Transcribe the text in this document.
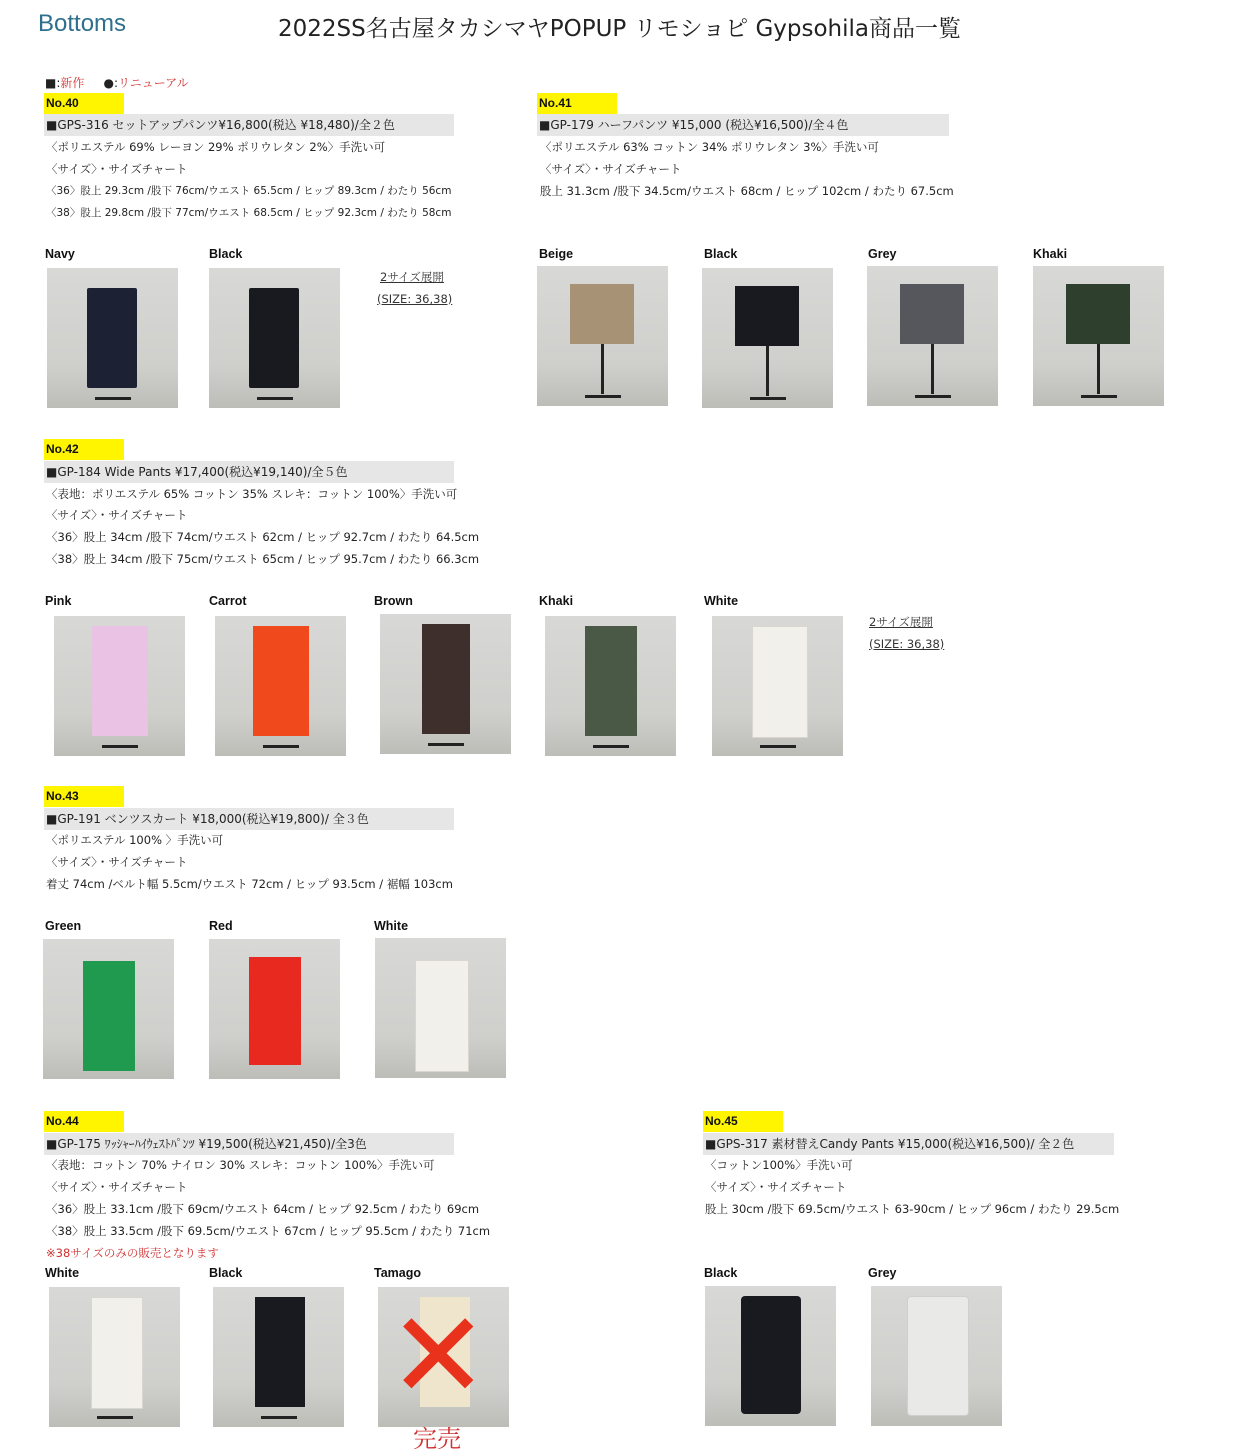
Bottoms	2022SS名古屋タカシマヤPOPUP リモショピ Gypsohila商品一覧
■:新作 ●:リニューアル
No.40
■GPS-316 セットアップパンツ¥16,800(税込 ¥18,480)/全２色
〈ポリエステル 69% レーヨン 29% ポリウレタン 2%〉手洗い可
〈サイズ〉・サイズチャート
〈36〉股上 29.3cm /股下 76cm/ウエスト 65.5cm / ヒップ 89.3cm / わたり 56cm
〈38〉股上 29.8cm /股下 77cm/ウエスト 68.5cm / ヒップ 92.3cm / わたり 58cm
Navy	Black
2サイズ展開
(SIZE: 36,38)
No.41
■GP-179 ハーフパンツ ¥15,000 (税込¥16,500)/全４色
〈ポリエステル 63% コットン 34% ポリウレタン 3%〉手洗い可
〈サイズ〉・サイズチャート
股上 31.3cm /股下 34.5cm/ウエスト 68cm / ヒップ 102cm / わたり 67.5cm
Beige	Black	Grey	Khaki
No.42
■GP-184 Wide Pants ¥17,400(税込¥19,140)/全５色
〈表地：ポリエステル 65% コットン 35% スレキ：コットン 100%〉手洗い可
〈サイズ〉・サイズチャート
〈36〉股上 34cm /股下 74cm/ウエスト 62cm / ヒップ 92.7cm / わたり 64.5cm
〈38〉股上 34cm /股下 75cm/ウエスト 65cm / ヒップ 95.7cm / わたり 66.3cm
Pink	Carrot	Brown	Khaki	White
2サイズ展開
(SIZE: 36,38)
No.43
■GP-191 ベンツスカート ¥18,000(税込¥19,800)/ 全３色
〈ポリエステル 100% 〉手洗い可
〈サイズ〉・サイズチャート
着丈 74cm /ベルト幅 5.5cm/ウエスト 72cm / ヒップ 93.5cm / 裾幅 103cm
Green	Red	White
No.44
■GP-175 ﾜｯｼｬｰﾊｲｳｪｽﾄﾊﾟﾝﾂ ¥19,500(税込¥21,450)/全3色
〈表地：コットン 70% ナイロン 30% スレキ：コットン 100%〉手洗い可
〈サイズ〉・サイズチャート
〈36〉股上 33.1cm /股下 69cm/ウエスト 64cm / ヒップ 92.5cm / わたり 69cm
〈38〉股上 33.5cm /股下 69.5cm/ウエスト 67cm / ヒップ 95.5cm / わたり 71cm
※38サイズのみの販売となります
White	Black	Tamago
✕
完売
No.45
■GPS-317 素材替えCandy Pants ¥15,000(税込¥16,500)/ 全２色
〈コットン100%〉手洗い可
〈サイズ〉・サイズチャート
股上 30cm /股下 69.5cm/ウエスト 63-90cm / ヒップ 96cm / わたり 29.5cm
Black	Grey
